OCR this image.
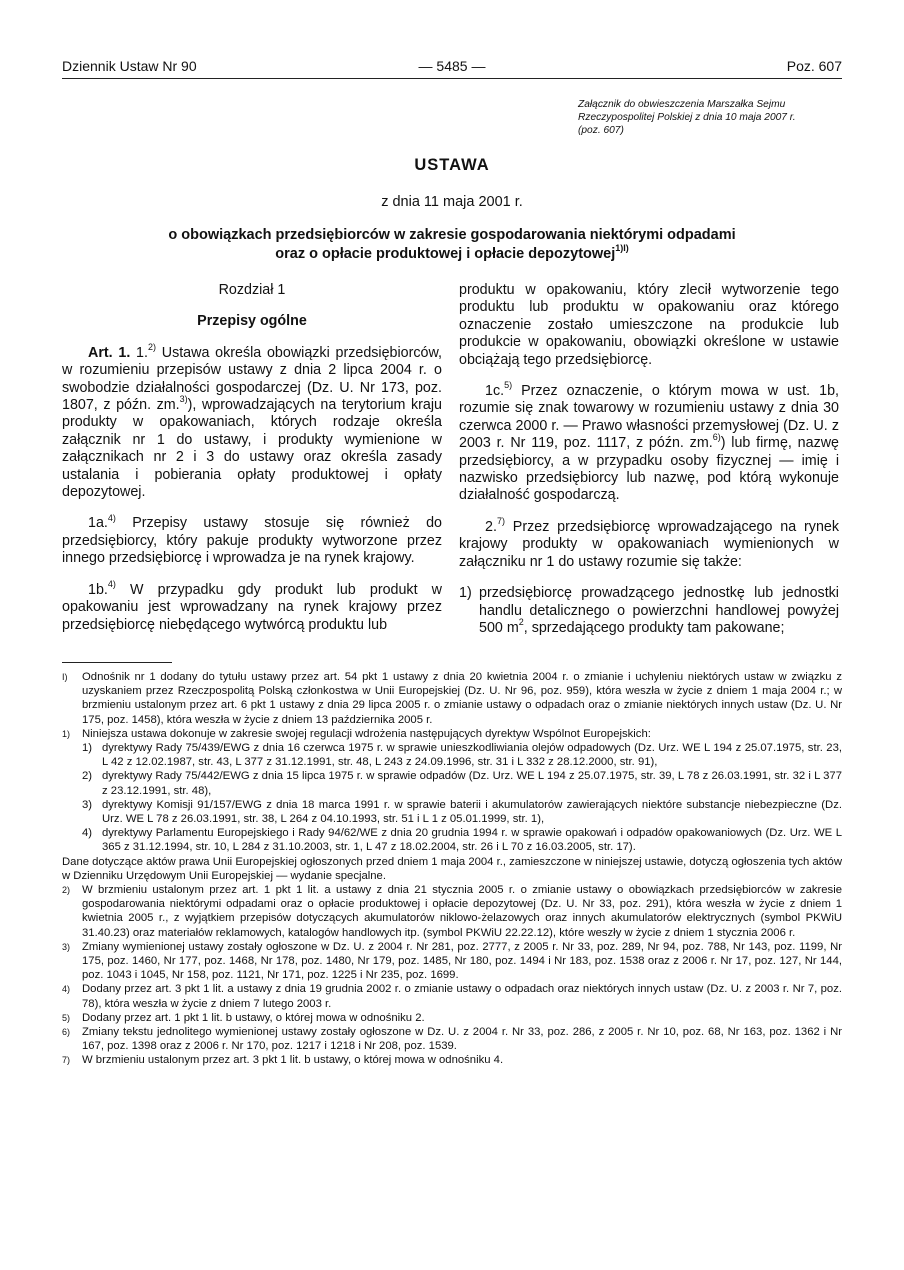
Dziennik Ustaw Nr 90	— 5485 —	Poz. 607
Załącznik do obwieszczenia Marszałka Sejmu
Rzeczypospolitej Polskiej z dnia 10 maja 2007 r.
(poz. 607)
USTAWA
z dnia 11 maja 2001 r.
o obowiązkach przedsiębiorców w zakresie gospodarowania niektórymi odpadami
oraz o opłacie produktowej i opłacie depozytowej$^{1)I)}$
Rozdział 1
Przepisy ogólne

Art. 1. 1.$^{2)}$ Ustawa określa obowiązki przedsiębiorców, w rozumieniu przepisów ustawy z dnia 2 lipca 2004 r. o swobodzie działalności gospodarczej (Dz. U. Nr 173, poz. 1807, z późn. zm.$^{3)}$), wprowadzających na terytorium kraju produkty w opakowaniach, których rodzaje określa załącznik nr 1 do ustawy, i produkty wymienione w załącznikach nr 2 i 3 do ustawy oraz określa zasady ustalania i pobierania opłaty produktowej i opłaty depozytowej.

1a.$^{4)}$ Przepisy ustawy stosuje się również do przedsiębiorcy, który pakuje produkty wytworzone przez innego przedsiębiorcę i wprowadza je na rynek krajowy.

1b.$^{4)}$ W przypadku gdy produkt lub produkt w opakowaniu jest wprowadzany na rynek krajowy przez przedsiębiorcę niebędącego wytwórcą produktu lub

produktu w opakowaniu, który zlecił wytworzenie tego produktu lub produktu w opakowaniu oraz którego oznaczenie zostało umieszczone na produkcie lub produkcie w opakowaniu, obowiązki określone w ustawie obciążają tego przedsiębiorcę.

1c.$^{5)}$ Przez oznaczenie, o którym mowa w ust. 1b, rozumie się znak towarowy w rozumieniu ustawy z dnia 30 czerwca 2000 r. — Prawo własności przemysłowej (Dz. U. z 2003 r. Nr 119, poz. 1117, z późn. zm.$^{6)}$) lub firmę, nazwę przedsiębiorcy, a w przypadku osoby fizycznej — imię i nazwisko przedsiębiorcy lub nazwę, pod którą wykonuje działalność gospodarczą.

2.$^{7)}$ Przez przedsiębiorcę wprowadzającego na rynek krajowy produkty w opakowaniach wymienionych w załączniku nr 1 do ustawy rozumie się także:

1) przedsiębiorcę prowadzącego jednostkę lub jednostki handlu detalicznego o powierzchni handlowej powyżej 500 $m^2$, sprzedającego produkty tam pakowane;
I)	Odnośnik nr 1 dodany do tytułu ustawy przez art. 54 pkt 1 ustawy z dnia 20 kwietnia 2004 r. o zmianie i uchyleniu niektórych ustaw w związku z uzyskaniem przez Rzeczpospolitą Polską członkostwa w Unii Europejskiej (Dz. U. Nr 96, poz. 959), która weszła w życie z dniem 1 maja 2004 r.; w brzmieniu ustalonym przez art. 6 pkt 1 ustawy z dnia 29 lipca 2005 r. o zmianie ustawy o odpadach oraz o zmianie niektórych innych ustaw (Dz. U. Nr 175, poz. 1458), która weszła w życie z dniem 13 października 2005 r.
1)	Niniejsza ustawa dokonuje w zakresie swojej regulacji wdrożenia następujących dyrektyw Wspólnot Europejskich:
1) dyrektywy Rady 75/439/EWG z dnia 16 czerwca 1975 r. w sprawie unieszkodliwiania olejów odpadowych (Dz. Urz. WE L 194 z 25.07.1975, str. 23, L 42 z 12.02.1987, str. 43, L 377 z 31.12.1991, str. 48, L 243 z 24.09.1996, str. 31 i L 332 z 28.12.2000, str. 91),
2) dyrektywy Rady 75/442/EWG z dnia 15 lipca 1975 r. w sprawie odpadów (Dz. Urz. WE L 194 z 25.07.1975, str. 39, L 78 z 26.03.1991, str. 32 i L 377 z 23.12.1991, str. 48),
3) dyrektywy Komisji 91/157/EWG z dnia 18 marca 1991 r. w sprawie baterii i akumulatorów zawierających niektóre substancje niebezpieczne (Dz. Urz. WE L 78 z 26.03.1991, str. 38, L 264 z 04.10.1993, str. 51 i L 1 z 05.01.1999, str. 1),
4) dyrektywy Parlamentu Europejskiego i Rady 94/62/WE z dnia 20 grudnia 1994 r. w sprawie opakowań i odpadów opakowaniowych (Dz. Urz. WE L 365 z 31.12.1994, str. 10, L 284 z 31.10.2003, str. 1, L 47 z 18.02.2004, str. 26 i L 70 z 16.03.2005, str. 17).
Dane dotyczące aktów prawa Unii Europejskiej ogłoszonych przed dniem 1 maja 2004 r., zamieszczone w niniejszej ustawie, dotyczą ogłoszenia tych aktów w Dzienniku Urzędowym Unii Europejskiej — wydanie specjalne.
2)	W brzmieniu ustalonym przez art. 1 pkt 1 lit. a ustawy z dnia 21 stycznia 2005 r. o zmianie ustawy o obowiązkach przedsiębiorców w zakresie gospodarowania niektórymi odpadami oraz o opłacie produktowej i opłacie depozytowej (Dz. U. Nr 33, poz. 291), która weszła w życie z dniem 1 kwietnia 2005 r., z wyjątkiem przepisów dotyczących akumulatorów niklowo-żelazowych oraz innych akumulatorów elektrycznych (symbol PKWiU 31.40.23) oraz materiałów reklamowych, katalogów handlowych itp. (symbol PKWiU 22.22.12), które weszły w życie z dniem 1 stycznia 2006 r.
3)	Zmiany wymienionej ustawy zostały ogłoszone w Dz. U. z 2004 r. Nr 281, poz. 2777, z 2005 r. Nr 33, poz. 289, Nr 94, poz. 788, Nr 143, poz. 1199, Nr 175, poz. 1460, Nr 177, poz. 1468, Nr 178, poz. 1480, Nr 179, poz. 1485, Nr 180, poz. 1494 i Nr 183, poz. 1538 oraz z 2006 r. Nr 17, poz. 127, Nr 144, poz. 1043 i 1045, Nr 158, poz. 1121, Nr 171, poz. 1225 i Nr 235, poz. 1699.
4)	Dodany przez art. 3 pkt 1 lit. a ustawy z dnia 19 grudnia 2002 r. o zmianie ustawy o odpadach oraz niektórych innych ustaw (Dz. U. z 2003 r. Nr 7, poz. 78), która weszła w życie z dniem 7 lutego 2003 r.
5)	Dodany przez art. 1 pkt 1 lit. b ustawy, o której mowa w odnośniku 2.
6)	Zmiany tekstu jednolitego wymienionej ustawy zostały ogłoszone w Dz. U. z 2004 r. Nr 33, poz. 286, z 2005 r. Nr 10, poz. 68, Nr 163, poz. 1362 i Nr 167, poz. 1398 oraz z 2006 r. Nr 170, poz. 1217 i 1218 i Nr 208, poz. 1539.
7)	W brzmieniu ustalonym przez art. 3 pkt 1 lit. b ustawy, o której mowa w odnośniku 4.
